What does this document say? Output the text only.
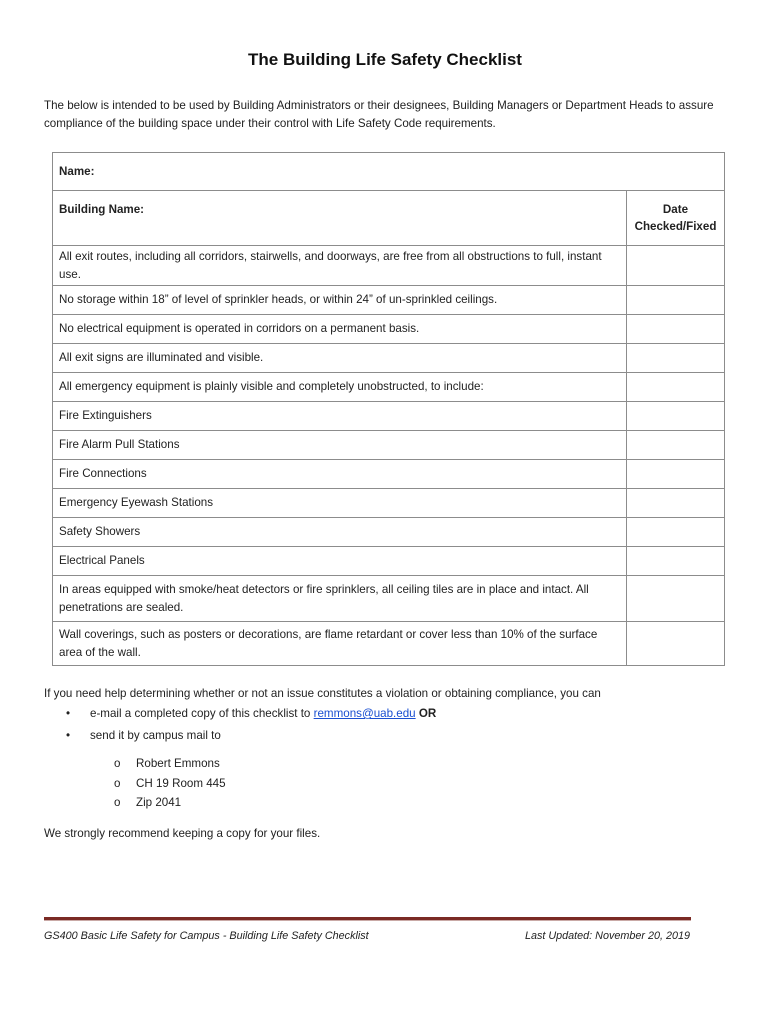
The Building Life Safety Checklist
The below is intended to be used by Building Administrators or their designees, Building Managers or Department Heads to assure compliance of the building space under their control with Life Safety Code requirements.
Name:	
Building Name:	Date Checked/Fixed
All exit routes, including all corridors, stairwells, and doorways, are free from all obstructions to full, instant use.	
No storage within 18” of level of sprinkler heads, or within 24” of un-sprinkled ceilings.	
No electrical equipment is operated in corridors on a permanent basis.	
All exit signs are illuminated and visible.	
All emergency equipment is plainly visible and completely unobstructed, to include:	
Fire Extinguishers	
Fire Alarm Pull Stations	
Fire Connections	
Emergency Eyewash Stations	
Safety Showers	
Electrical Panels	
In areas equipped with smoke/heat detectors or fire sprinklers, all ceiling tiles are in place and intact. All penetrations are sealed.	
Wall coverings, such as posters or decorations, are flame retardant or cover less than 10% of the surface area of the wall.	
If you need help determining whether or not an issue constitutes a violation or obtaining compliance, you can
• e-mail a completed copy of this checklist to remmons@uab.edu OR
• send it by campus mail to
o Robert Emmons
o CH 19 Room 445
o Zip 2041
We strongly recommend keeping a copy for your files.
GS400 Basic Life Safety for Campus - Building Life Safety Checklist	Last Updated: November 20, 2019
